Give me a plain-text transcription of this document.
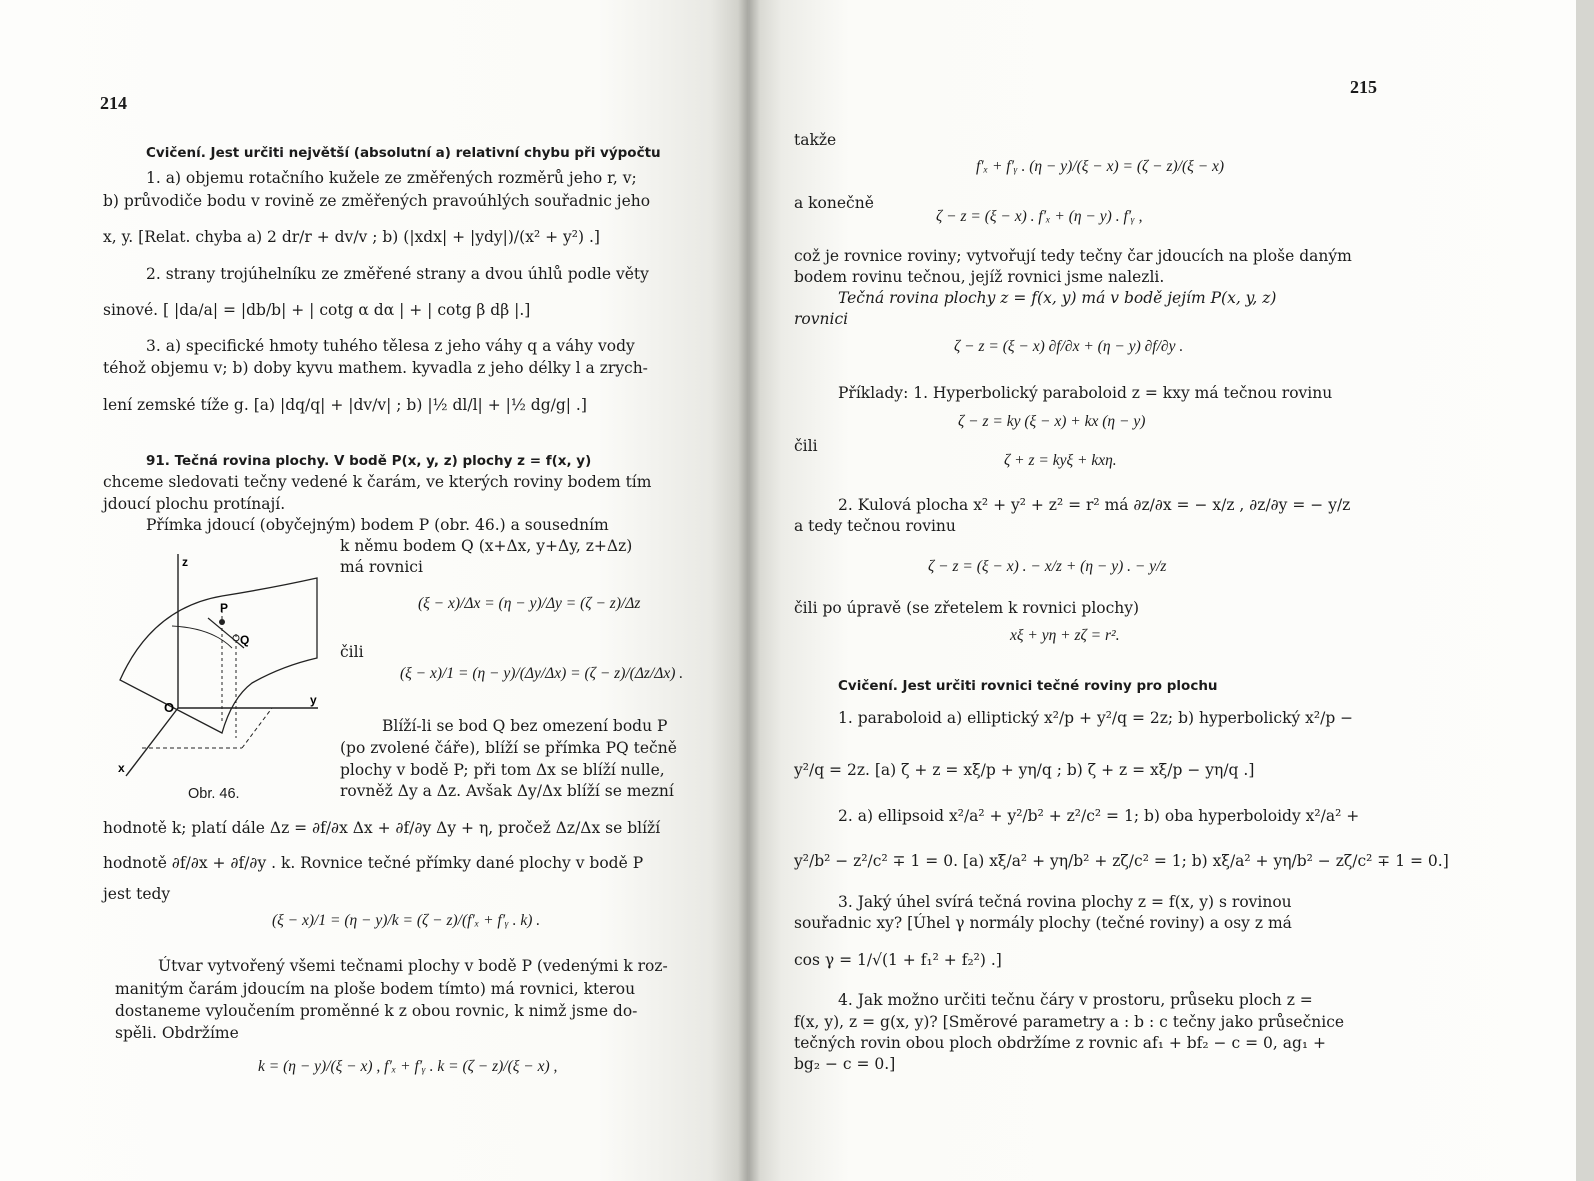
214
Cvičení. Jest určiti největší (absolutní a) relativní chybu při výpočtu
1. a) objemu rotačního kužele ze změřených rozměrů jeho r, v;
b) průvodiče bodu v rovině ze změřených pravoúhlých souřadnic jeho
x, y. [Relat. chyba a) 2 dr/r + dv/v ; b) (|xdx| + |ydy|)/(x² + y²) .]
2. strany trojúhelníku ze změřené strany a dvou úhlů podle věty
sinové. [ |da/a| = |db/b| + | cotg α dα | + | cotg β dβ |.]
3. a) specifické hmoty tuhého tělesa z jeho váhy q a váhy vody
téhož objemu v; b) doby kyvu mathem. kyvadla z jeho délky l a zrych-
lení zemské tíže g. [a) |dq/q| + |dv/v| ; b) |½ dl/l| + |½ dg/g| .]
91. Tečná rovina plochy. V bodě P(x, y, z) plochy z = f(x, y)
chceme sledovati tečny vedené k čarám, ve kterých roviny bodem tím
jdoucí plochu protínají.
Přímka jdoucí (obyčejným) bodem P (obr. 46.) a sousedním
k němu bodem Q (x+Δx, y+Δy, z+Δz)
má rovnici
(ξ − x)/Δx = (η − y)/Δy = (ζ − z)/Δz
čili
(ξ − x)/1 = (η − y)/(Δy/Δx) = (ζ − z)/(Δz/Δx) .
Blíží-li se bod Q bez omezení bodu P
(po zvolené čáře), blíží se přímka PQ tečně
plochy v bodě P; při tom Δx se blíží nulle,
rovněž Δy a Δz. Avšak Δy/Δx blíží se mezní
hodnotě k; platí dále Δz = ∂f/∂x Δx + ∂f/∂y Δy + η, pročež Δz/Δx se blíží
hodnotě ∂f/∂x + ∂f/∂y . k. Rovnice tečné přímky dané plochy v bodě P
jest tedy
(ξ − x)/1 = (η − y)/k = (ζ − z)/(f′ₓ + f′ᵧ . k) .
Útvar vytvořený všemi tečnami plochy v bodě P (vedenými k roz-
manitým čarám jdoucím na ploše bodem tímto) má rovnici, kterou
dostaneme vyloučením proměnné k z obou rovnic, k nimž jsme do-
spěli. Obdržíme
k = (η − y)/(ξ − x) , f′ₓ + f′ᵧ . k = (ζ − z)/(ξ − x) ,
z
P
Q
O	y
x
Obr. 46.
215
takže
f′ₓ + f′ᵧ . (η − y)/(ξ − x) = (ζ − z)/(ξ − x)
a konečně
ζ − z = (ξ − x) . f′ₓ + (η − y) . f′ᵧ ,
což je rovnice roviny; vytvořují tedy tečny čar jdoucích na ploše daným
bodem rovinu tečnou, jejíž rovnici jsme nalezli.
Tečná rovina plochy z = f(x, y) má v bodě jejím P(x, y, z)
rovnici
ζ − z = (ξ − x) ∂f/∂x + (η − y) ∂f/∂y .
Příklady: 1. Hyperbolický paraboloid z = kxy má tečnou rovinu
ζ − z = ky (ξ − x) + kx (η − y)
čili
ζ + z = kyξ + kxη.
2. Kulová plocha x² + y² + z² = r² má ∂z/∂x = − x/z , ∂z/∂y = − y/z
a tedy tečnou rovinu
ζ − z = (ξ − x) . − x/z + (η − y) . − y/z
čili po úpravě (se zřetelem k rovnici plochy)
xξ + yη + zζ = r².
Cvičení. Jest určiti rovnici tečné roviny pro plochu
1. paraboloid a) elliptický x²/p + y²/q = 2z; b) hyperbolický x²/p −
y²/q = 2z. [a) ζ + z = xξ/p + yη/q ; b) ζ + z = xξ/p − yη/q .]
2. a) ellipsoid x²/a² + y²/b² + z²/c² = 1; b) oba hyperboloidy x²/a² +
y²/b² − z²/c² ∓ 1 = 0. [a) xξ/a² + yη/b² + zζ/c² = 1; b) xξ/a² + yη/b² − zζ/c² ∓ 1 = 0.]
3. Jaký úhel svírá tečná rovina plochy z = f(x, y) s rovinou
souřadnic xy? [Úhel γ normály plochy (tečné roviny) a osy z má
cos γ = 1/√(1 + f₁² + f₂²) .]
4. Jak možno určiti tečnu čáry v prostoru, průseku ploch z =
f(x, y), z = g(x, y)? [Směrové parametry a : b : c tečny jako průsečnice
tečných rovin obou ploch obdržíme z rovnic af₁ + bf₂ − c = 0, ag₁ +
bg₂ − c = 0.]
